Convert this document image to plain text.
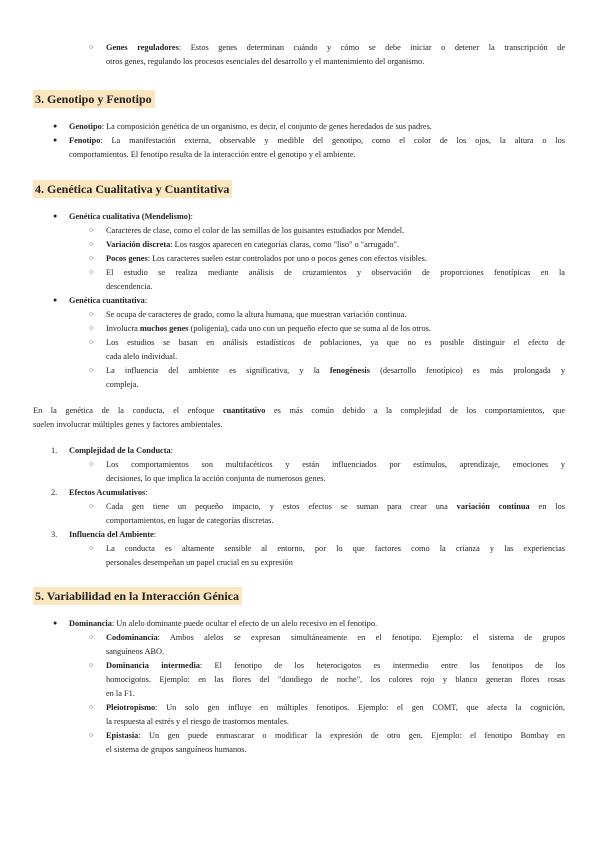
○ Genes reguladores: Estos genes determinan cuándo y cómo se debe iniciar o detener la transcripción de
otros genes, regulando los procesos esenciales del desarrollo y el mantenimiento del organismo.
3. Genotipo y Fenotipo
● Genotipo: La composición genética de un organismo, es decir, el conjunto de genes heredados de sus padres.
● Fenotipo: La manifestación externa, observable y medible del genotipo, como el color de los ojos, la altura o los
comportamientos. El fenotipo resulta de la interacción entre el genotipo y el ambiente.
4. Genética Cualitativa y Cuantitativa
● Genética cualitativa (Mendelismo):
○ Caracteres de clase, como el color de las semillas de los guisantes estudiados por Mendel.
○ Variación discreta: Los rasgos aparecen en categorías claras, como "liso" o "arrugado".
○ Pocos genes: Los caracteres suelen estar controlados por uno o pocos genes con efectos visibles.
○ El estudio se realiza mediante análisis de cruzamientos y observación de proporciones fenotípicas en la
descendencia.
● Genética cuantitativa:
○ Se ocupa de caracteres de grado, como la altura humana, que muestran variación continua.
○ Involucra muchos genes (poligenia), cada uno con un pequeño efecto que se suma al de los otros.
○ Los estudios se basan en análisis estadísticos de poblaciones, ya que no es posible distinguir el efecto de
cada alelo individual.
○ La influencia del ambiente es significativa, y la fenogénesis (desarrollo fenotípico) es más prolongada y
compleja.
En la genética de la conducta, el enfoque cuantitativo es más común debido a la complejidad de los comportamientos, que
suelen involucrar múltiples genes y factores ambientales.
1. Complejidad de la Conducta:
○ Los comportamientos son multifacéticos y están influenciados por estímulos, aprendizaje, emociones y
decisiones, lo que implica la acción conjunta de numerosos genes.
2. Efectos Acumulativos:
○ Cada gen tiene un pequeño impacto, y estos efectos se suman para crear una variación continua en los
comportamientos, en lugar de categorías discretas.
3. Influencia del Ambiente:
○ La conducta es altamente sensible al entorno, por lo que factores como la crianza y las experiencias
personales desempeñan un papel crucial en su expresión
5. Variabilidad en la Interacción Génica
● Dominancia: Un alelo dominante puede ocultar el efecto de un alelo recesivo en el fenotipo.
○ Codominancia: Ambos alelos se expresan simultáneamente en el fenotipo. Ejemplo: el sistema de grupos
sanguíneos ABO.
○ Dominancia intermedia: El fenotipo de los heterocigotos es intermedio entre los fenotipos de los
homocigotos. Ejemplo: en las flores del "dondiego de noche", los colores rojo y blanco generan flores rosas
en la F1.
○ Pleiotropismo: Un solo gen influye en múltiples fenotipos. Ejemplo: el gen COMT, que afecta la cognición,
la respuesta al estrés y el riesgo de trastornos mentales.
○ Epistasia: Un gen puede enmascarar o modificar la expresión de otro gen. Ejemplo: el fenotipo Bombay en
el sistema de grupos sanguíneos humanos.
